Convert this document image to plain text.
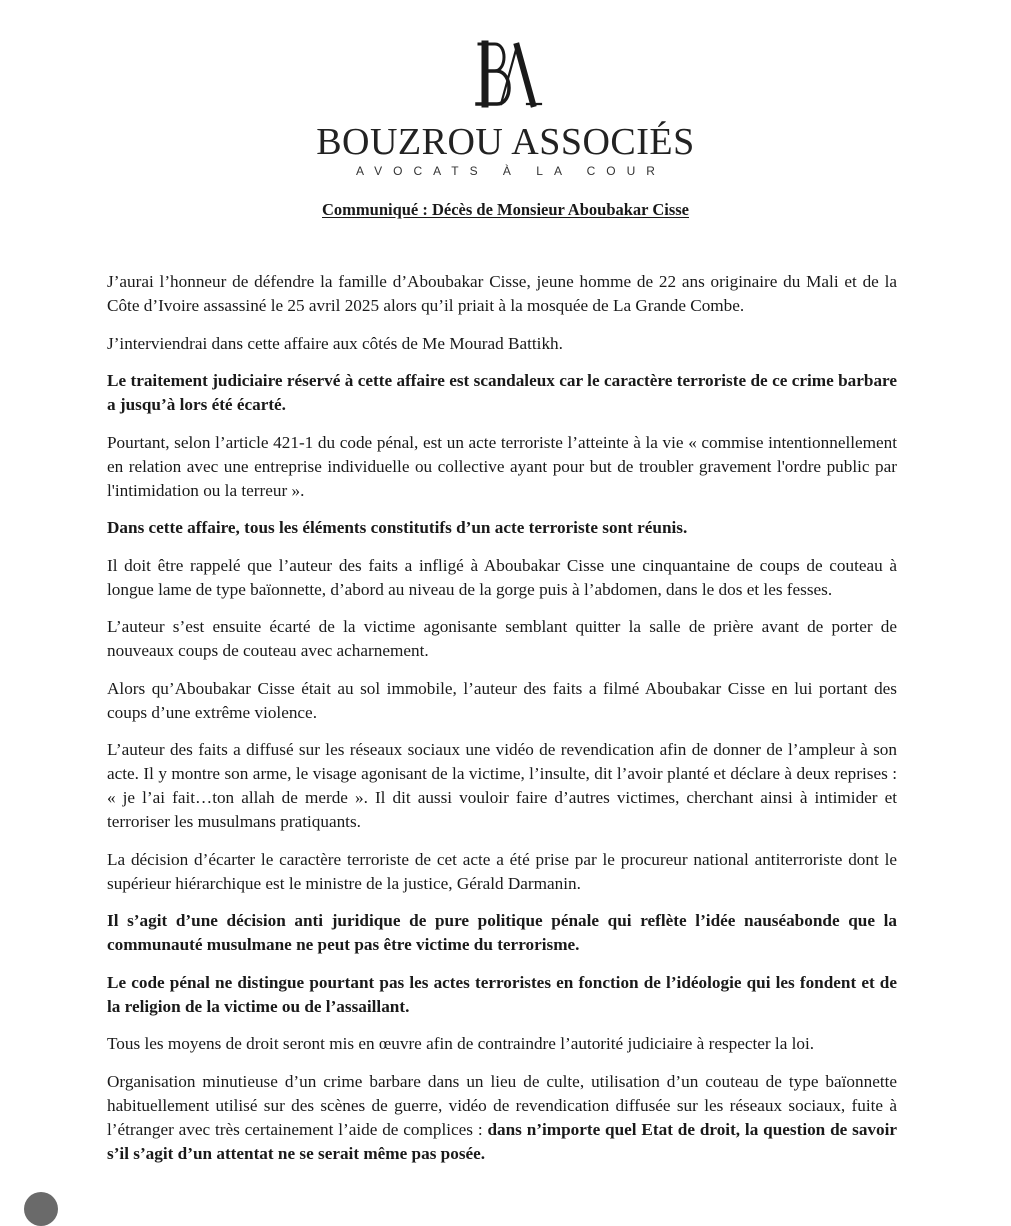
BOUZROU ASSOCIÉS
AVOCATS À LA COUR
Communiqué : Décès de Monsieur Aboubakar Cisse

J’aurai l’honneur de défendre la famille d’Aboubakar Cisse, jeune homme de 22 ans originaire du Mali et de la Côte d’Ivoire assassiné le 25 avril 2025 alors qu’il priait à la mosquée de La Grande Combe.

J’interviendrai dans cette affaire aux côtés de Me Mourad Battikh.

Le traitement judiciaire réservé à cette affaire est scandaleux car le caractère terroriste de ce crime barbare a jusqu’à lors été écarté.

Pourtant, selon l’article 421-1 du code pénal, est un acte terroriste l’atteinte à la vie « commise intentionnellement en relation avec une entreprise individuelle ou collective ayant pour but de troubler gravement l'ordre public par l'intimidation ou la terreur ».

Dans cette affaire, tous les éléments constitutifs d’un acte terroriste sont réunis.

Il doit être rappelé que l’auteur des faits a infligé à Aboubakar Cisse une cinquantaine de coups de couteau à longue lame de type baïonnette, d’abord au niveau de la gorge puis à l’abdomen, dans le dos et les fesses.

L’auteur s’est ensuite écarté de la victime agonisante semblant quitter la salle de prière avant de porter de nouveaux coups de couteau avec acharnement.

Alors qu’Aboubakar Cisse était au sol immobile, l’auteur des faits a filmé Aboubakar Cisse en lui portant des coups d’une extrême violence.

L’auteur des faits a diffusé sur les réseaux sociaux une vidéo de revendication afin de donner de l’ampleur à son acte. Il y montre son arme, le visage agonisant de la victime, l’insulte, dit l’avoir planté et déclare à deux reprises : « je l’ai fait…ton allah de merde ». Il dit aussi vouloir faire d’autres victimes, cherchant ainsi à intimider et terroriser les musulmans pratiquants.

La décision d’écarter le caractère terroriste de cet acte a été prise par le procureur national antiterroriste dont le supérieur hiérarchique est le ministre de la justice, Gérald Darmanin.

Il s’agit d’une décision anti juridique de pure politique pénale qui reflète l’idée nauséabonde que la communauté musulmane ne peut pas être victime du terrorisme.

Le code pénal ne distingue pourtant pas les actes terroristes en fonction de l’idéologie qui les fondent et de la religion de la victime ou de l’assaillant.

Tous les moyens de droit seront mis en œuvre afin de contraindre l’autorité judiciaire à respecter la loi.

Organisation minutieuse d’un crime barbare dans un lieu de culte, utilisation d’un couteau de type baïonnette habituellement utilisé sur des scènes de guerre, vidéo de revendication diffusée sur les réseaux sociaux, fuite à l’étranger avec très certainement l’aide de complices : dans n’importe quel Etat de droit, la question de savoir s’il s’agit d’un attentat ne se serait même pas posée.
